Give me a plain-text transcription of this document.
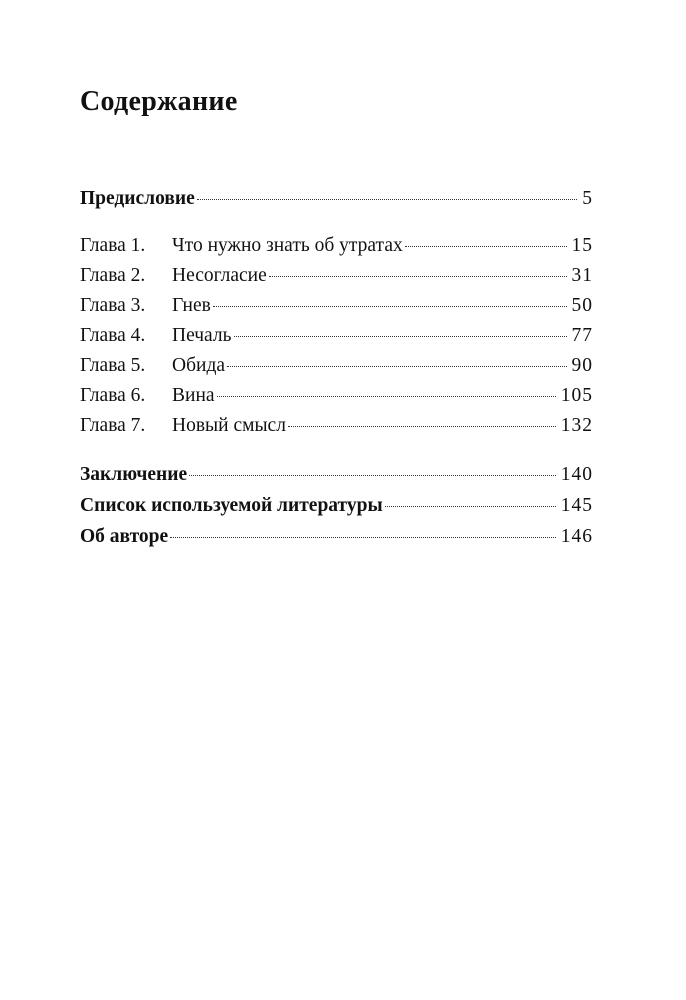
Содержание
Предисловие	5
Глава 1.	Что нужно знать об утратах	15
Глава 2.	Несогласие	31
Глава 3.	Гнев	50
Глава 4.	Печаль	77
Глава 5.	Обида	90
Глава 6.	Вина	105
Глава 7.	Новый смысл	132
Заключение	140
Список используемой литературы	145
Об авторе	146
